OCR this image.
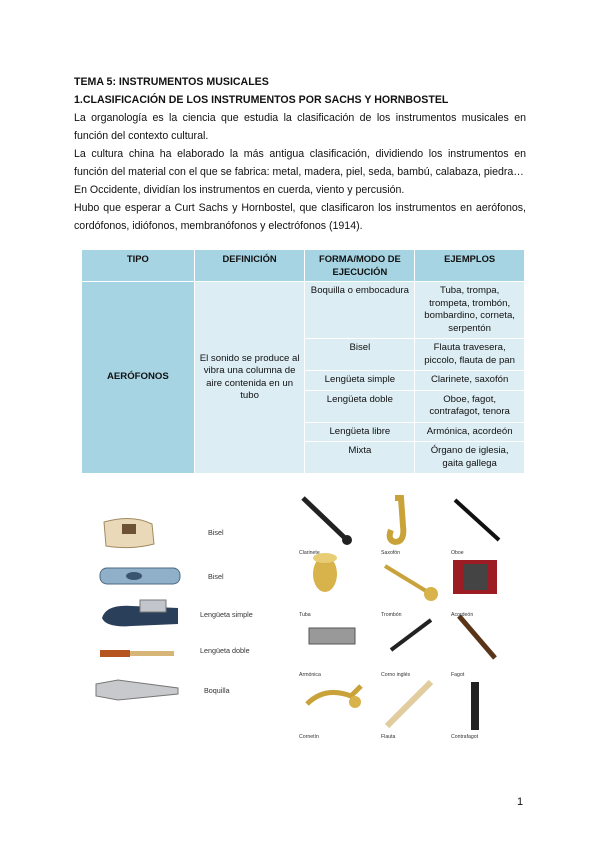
TEMA 5: INSTRUMENTOS MUSICALES
1.CLASIFICACIÓN DE LOS INSTRUMENTOS POR SACHS Y HORNBOSTEL
La organología es la ciencia que estudia la clasificación de los instrumentos musicales en función del contexto cultural.
La cultura china ha elaborado la más antigua clasificación, dividiendo los instrumentos en función del material con el que se fabrica: metal, madera, piel, seda, bambú, calabaza, piedra…
En Occidente, dividían los instrumentos en cuerda, viento y percusión.
Hubo que esperar a Curt Sachs y Hornbostel, que clasificaron los instrumentos en aerófonos, cordófonos, idiófonos, membranófonos y electrófonos (1914).
TIPO	DEFINICIÓN	FORMA/MODO DE EJECUCIÓN	EJEMPLOS
AERÓFONOS	El sonido se produce al vibra una columna de aire contenida en un tubo	Boquilla o embocadura	Tuba, trompa, trompeta, trombón, bombardino, corneta, serpentón
		Bisel	Flauta travesera, piccolo, flauta de pan
		Lengüeta simple	Clarinete, saxofón
		Lengüeta doble	Oboe, fagot, contrafagot, tenora
		Lengüeta libre	Armónica, acordeón
		Mixta	Órgano de iglesia, gaita gallega
Bisel
Bisel
Lengüeta simple
Lengüeta doble
Boquilla
Clarinete	Saxofón	Oboe
Tuba	Trombón	Acordeón
Armónica	Corno inglés	Fagot
Cornetín	Flauta	Contrafagot
1
